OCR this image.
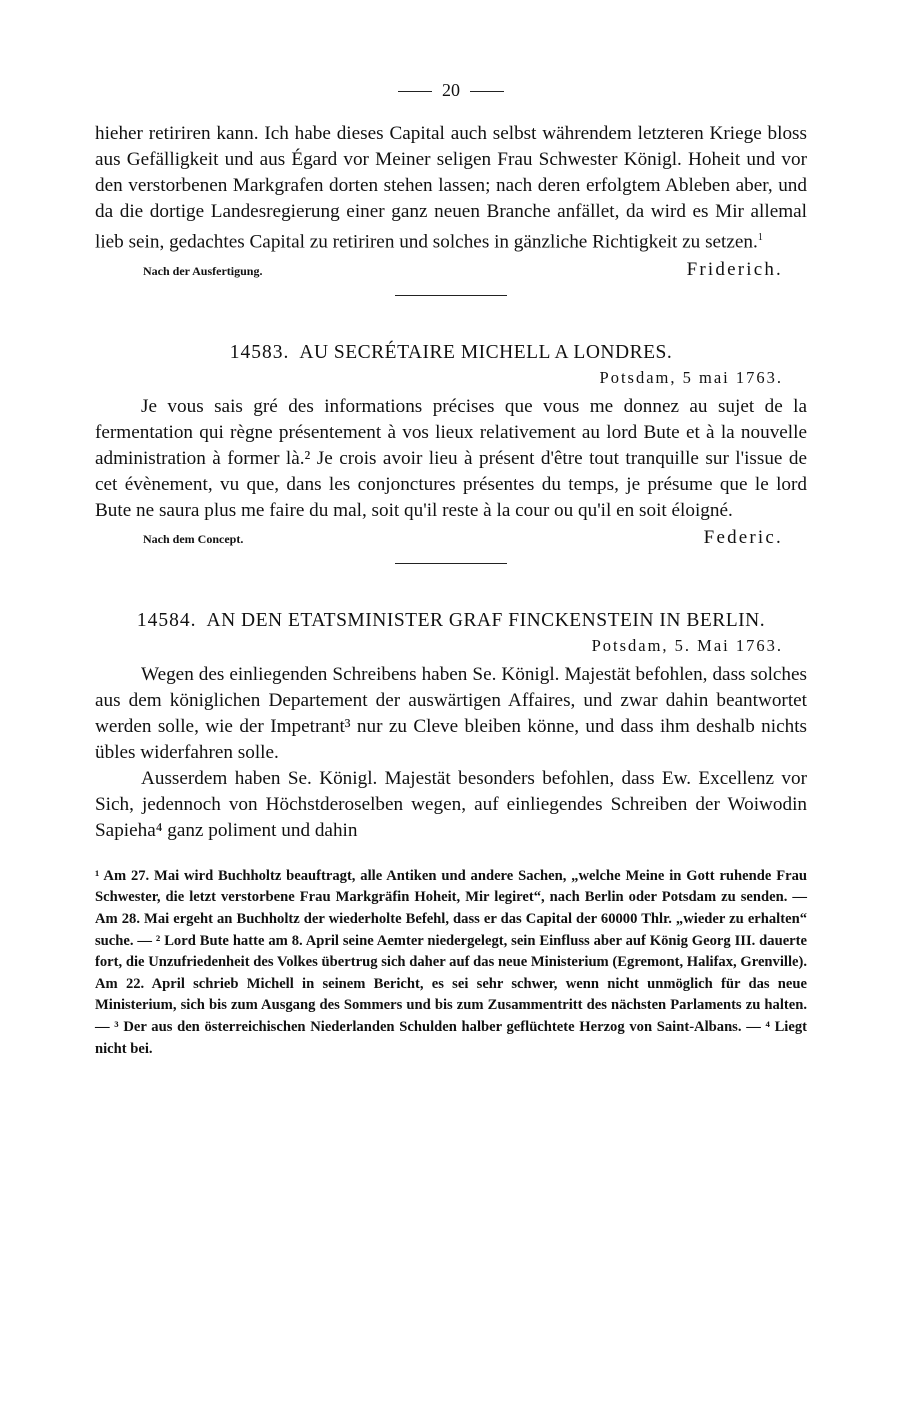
20

hieher retiriren kann. Ich habe dieses Capital auch selbst währendem letzteren Kriege bloss aus Gefälligkeit und aus Égard vor Meiner seligen Frau Schwester Königl. Hoheit und vor den verstorbenen Markgrafen dorten stehen lassen; nach deren erfolgtem Ableben aber, und da die dortige Landesregierung einer ganz neuen Branche anfället, da wird es Mir allemal lieb sein, gedachtes Capital zu retiriren und solches in gänzliche Richtigkeit zu setzen.$^1$

Nach der Ausfertigung.	Friderich.
14583. AU SECRÉTAIRE MICHELL A LONDRES.
Potsdam, 5 mai 1763.

Je vous sais gré des informations précises que vous me donnez au sujet de la fermentation qui règne présentement à vos lieux relativement au lord Bute et à la nouvelle administration à former là.² Je crois avoir lieu à présent d'être tout tranquille sur l'issue de cet évènement, vu que, dans les conjonctures présentes du temps, je présume que le lord Bute ne saura plus me faire du mal, soit qu'il reste à la cour ou qu'il en soit éloigné.

Nach dem Concept.	Federic.
14584. AN DEN ETATSMINISTER GRAF FINCKENSTEIN IN BERLIN.
Potsdam, 5. Mai 1763.

Wegen des einliegenden Schreibens haben Se. Königl. Majestät befohlen, dass solches aus dem königlichen Departement der auswärtigen Affaires, und zwar dahin beantwortet werden solle, wie der Impetrant³ nur zu Cleve bleiben könne, und dass ihm deshalb nichts übles widerfahren solle.

Ausserdem haben Se. Königl. Majestät besonders befohlen, dass Ew. Excellenz vor Sich, jedennoch von Höchstderoselben wegen, auf einliegendes Schreiben der Woiwodin Sapieha⁴ ganz poliment und dahin

¹ Am 27. Mai wird Buchholtz beauftragt, alle Antiken und andere Sachen, „welche Meine in Gott ruhende Frau Schwester, die letzt verstorbene Frau Markgräfin Hoheit, Mir legiret“, nach Berlin oder Potsdam zu senden. — Am 28. Mai ergeht an Buchholtz der wiederholte Befehl, dass er das Capital der 60000 Thlr. „wieder zu erhalten“ suche. — ² Lord Bute hatte am 8. April seine Aemter niedergelegt, sein Einfluss aber auf König Georg III. dauerte fort, die Unzufriedenheit des Volkes übertrug sich daher auf das neue Ministerium (Egremont, Halifax, Grenville). Am 22. April schrieb Michell in seinem Bericht, es sei sehr schwer, wenn nicht unmöglich für das neue Ministerium, sich bis zum Ausgang des Sommers und bis zum Zusammentritt des nächsten Parlaments zu halten. — ³ Der aus den österreichischen Niederlanden Schulden halber geflüchtete Herzog von Saint-Albans. — ⁴ Liegt nicht bei.
